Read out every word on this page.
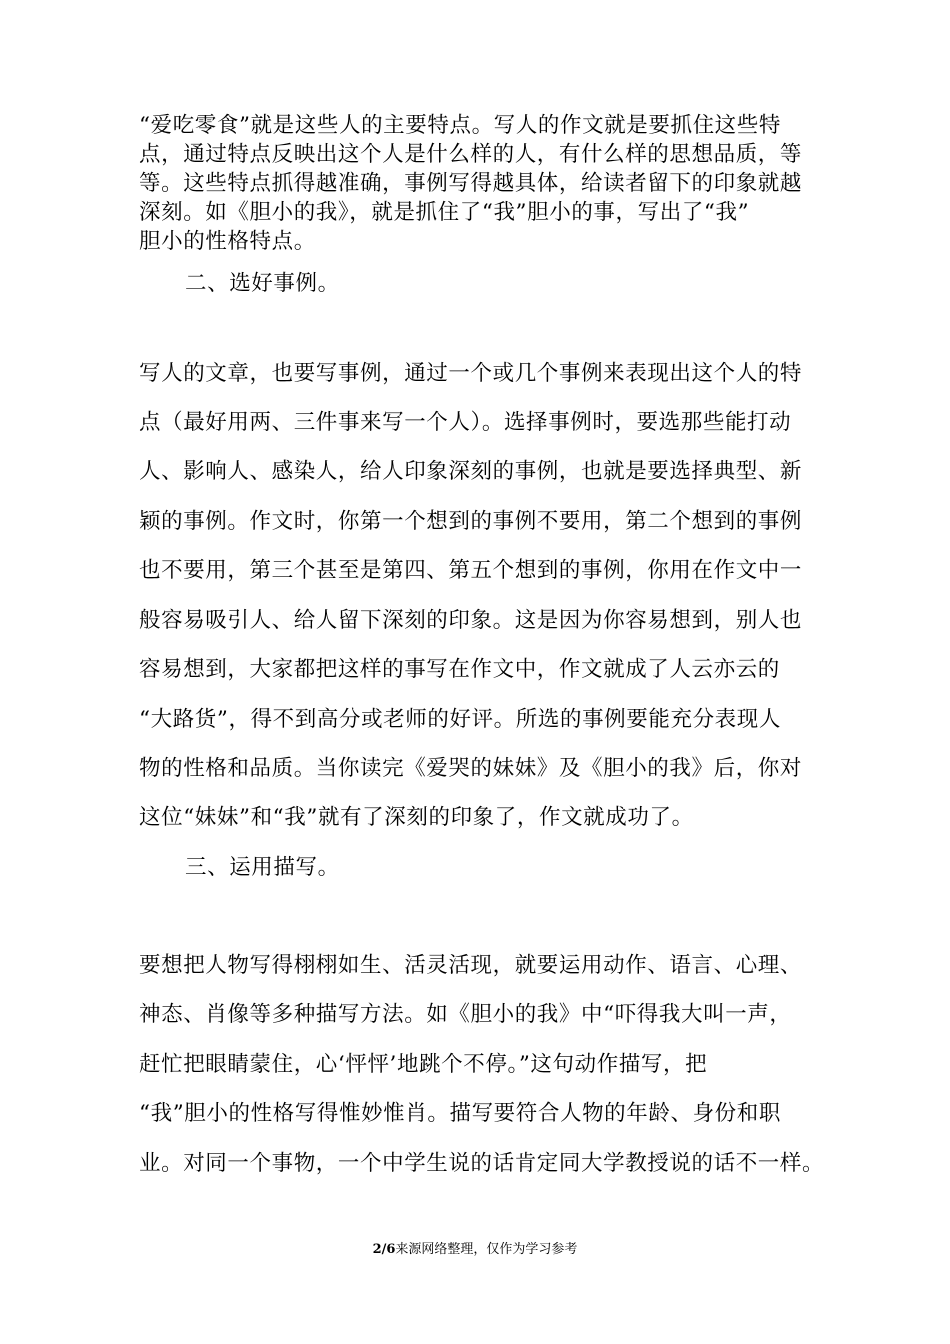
“爱吃零食”就是这些人的主要特点。写人的作文就是要抓住这些特

点，通过特点反映出这个人是什么样的人，有什么样的思想品质，等

等。这些特点抓得越准确，事例写得越具体，给读者留下的印象就越

深刻。如《胆小的我》，就是抓住了“我”胆小的事，写出了“我”

胆小的性格特点。

二、选好事例。

写人的文章，也要写事例，通过一个或几个事例来表现出这个人的特

点（最好用两、三件事来写一个人）。选择事例时，要选那些能打动

人、影响人、感染人，给人印象深刻的事例，也就是要选择典型、新

颖的事例。作文时，你第一个想到的事例不要用，第二个想到的事例

也不要用，第三个甚至是第四、第五个想到的事例，你用在作文中一

般容易吸引人、给人留下深刻的印象。这是因为你容易想到，别人也

容易想到，大家都把这样的事写在作文中，作文就成了人云亦云的

“大路货”，得不到高分或老师的好评。所选的事例要能充分表现人

物的性格和品质。当你读完《爱哭的妹妹》及《胆小的我》后，你对

这位“妹妹”和“我”就有了深刻的印象了，作文就成功了。

三、运用描写。

要想把人物写得栩栩如生、活灵活现，就要运用动作、语言、心理、

神态、肖像等多种描写方法。如《胆小的我》中“吓得我大叫一声，

赶忙把眼睛蒙住，心‘怦怦’地跳个不停。”这句动作描写，把

“我”胆小的性格写得惟妙惟肖。描写要符合人物的年龄、身份和职

业。对同一个事物，一个中学生说的话肯定同大学教授说的话不一样。

2/6来源网络整理，仅作为学习参考
